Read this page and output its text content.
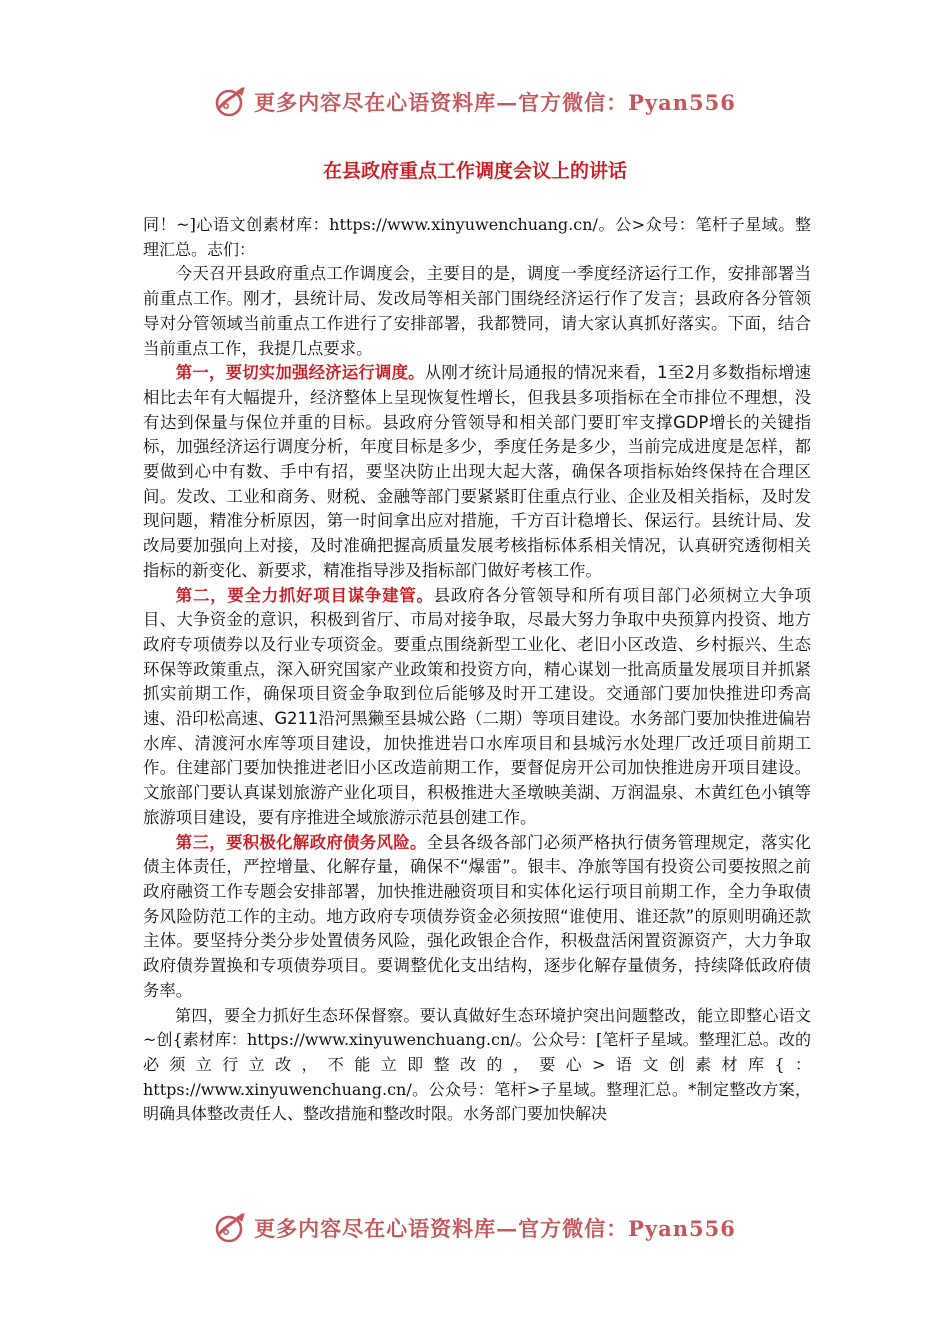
更多内容尽在心语资料库—官方微信：Pyan556
在县政府重点工作调度会议上的讲话

同！~]心语文创素材库：https://www.xinyuwenchuang.cn/。公>众号：笔杆子星域。整理汇总。志们：

今天召开县政府重点工作调度会，主要目的是，调度一季度经济运行工作，安排部署当前重点工作。刚才，县统计局、发改局等相关部门围绕经济运行作了发言；县政府各分管领导对分管领域当前重点工作进行了安排部署，我都赞同，请大家认真抓好落实。下面，结合当前重点工作，我提几点要求。

第一，要切实加强经济运行调度。从刚才统计局通报的情况来看，1至2月多数指标增速相比去年有大幅提升，经济整体上呈现恢复性增长，但我县多项指标在全市排位不理想，没有达到保量与保位并重的目标。县政府分管领导和相关部门要盯牢支撑GDP增长的关键指标，加强经济运行调度分析，年度目标是多少，季度任务是多少，当前完成进度是怎样，都要做到心中有数、手中有招，要坚决防止出现大起大落，确保各项指标始终保持在合理区间。发改、工业和商务、财税、金融等部门要紧紧盯住重点行业、企业及相关指标，及时发现问题，精准分析原因，第一时间拿出应对措施，千方百计稳增长、保运行。县统计局、发改局要加强向上对接，及时准确把握高质量发展考核指标体系相关情况，认真研究透彻相关指标的新变化、新要求，精准指导涉及指标部门做好考核工作。

第二，要全力抓好项目谋争建管。县政府各分管领导和所有项目部门必须树立大争项目、大争资金的意识，积极到省厅、市局对接争取，尽最大努力争取中央预算内投资、地方政府专项债券以及行业专项资金。要重点围绕新型工业化、老旧小区改造、乡村振兴、生态环保等政策重点，深入研究国家产业政策和投资方向，精心谋划一批高质量发展项目并抓紧抓实前期工作，确保项目资金争取到位后能够及时开工建设。交通部门要加快推进印秀高速、沿印松高速、G211沿河黑獭至县城公路（二期）等项目建设。水务部门要加快推进偏岩水库、清渡河水库等项目建设，加快推进岩口水库项目和县城污水处理厂改迁项目前期工作。住建部门要加快推进老旧小区改造前期工作，要督促房开公司加快推进房开项目建设。文旅部门要认真谋划旅游产业化项目，积极推进大圣墩映美湖、万润温泉、木黄红色小镇等旅游项目建设，要有序推进全域旅游示范县创建工作。

第三，要积极化解政府债务风险。全县各级各部门必须严格执行债务管理规定，落实化债主体责任，严控增量、化解存量，确保不“爆雷”。银丰、净旅等国有投资公司要按照之前政府融资工作专题会安排部署，加快推进融资项目和实体化运行项目前期工作，全力争取债务风险防范工作的主动。地方政府专项债券资金必须按照“谁使用、谁还款”的原则明确还款主体。要坚持分类分步处置债务风险，强化政银企合作，积极盘活闲置资源资产，大力争取政府债券置换和专项债券项目。要调整优化支出结构，逐步化解存量债务，持续降低政府债务率。

第四，要全力抓好生态环保督察。要认真做好生态环境护突出问题整改，能立即整心语文~创{素材库：https://www.xinyuwenchuang.cn/。公众号：[笔杆子星域。整理汇总。改的必须立行立改，不能立即整改的，要心>语文创素材库{：https://www.xinyuwenchuang.cn/。公众号：笔杆>子星域。整理汇总。*制定整改方案，明确具体整改责任人、整改措施和整改时限。水务部门要加快解决

更多内容尽在心语资料库—官方微信：Pyan556
